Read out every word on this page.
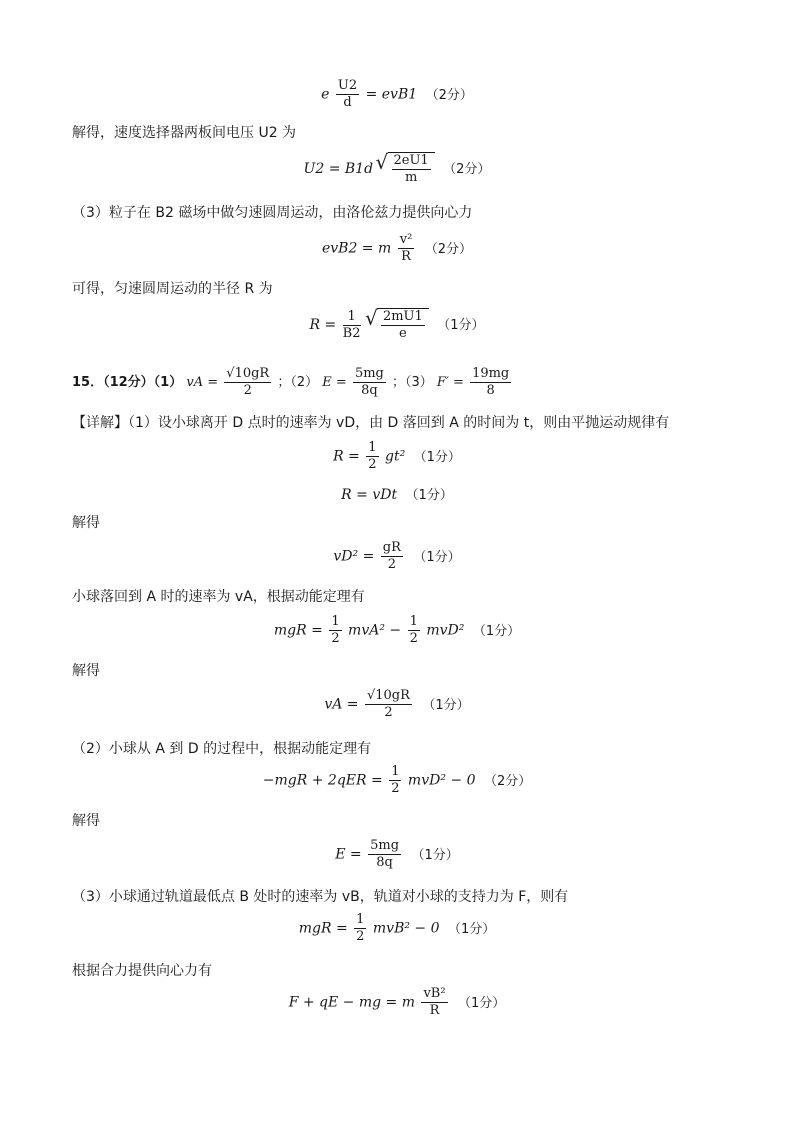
e $\frac{U2}{d} = evB1$ （2分）
解得，速度选择器两板间电压 U2 为
U2 = B1d √ $\frac{2eU1}{m} (2$分）
（3）粒子在 B2 磁场中做匀速圆周运动，由洛伦兹力提供向心力
evB2 = m $\frac{\text{v²}}{R} (2$分）
可得，匀速圆周运动的半径 R 为
$R = \frac{1}{B2}$
√ $\frac{2mU1}{e} (1$分）
15．（12分）（1） vA = $\frac{√10gR}{2}$ ；（2） $E = \frac{5mg}{8q}$ ；（3） $F' = \frac{19mg}{8}$
【详解】（1）设小球离开 D 点时的速率为 vD，由 D 落回到 A 的时间为 t，则由平抛运动规律有
$R = \frac{1}{2} gt^2$ （1分）
R = vDt （1分）
解得
$vD^2 = \frac{gR}{2} (1$分）
小球落回到 A 时的速率为 vA，根据动能定理有
mgR = $\frac{1}{2} mvA^2 - \frac{1}{2} mvD^2$ （1分）
解得
vA = $\frac{√10gR}{2} (1$分）
（2）小球从 A 到 D 的过程中，根据动能定理有
$-mgR + 2qER = \frac{1}{2} mvD^2 - 0$ （2分）
解得
$E = \frac{5mg}{8q} (1$分）
（3）小球通过轨道最低点 B 处时的速率为 vB，轨道对小球的支持力为 F，则有
mgR = $\frac{1}{2} mvB^2 - 0$ （1分）
根据合力提供向心力有
F + qE − mg = m $\frac{\text{vB²}}{R} (1$分）
